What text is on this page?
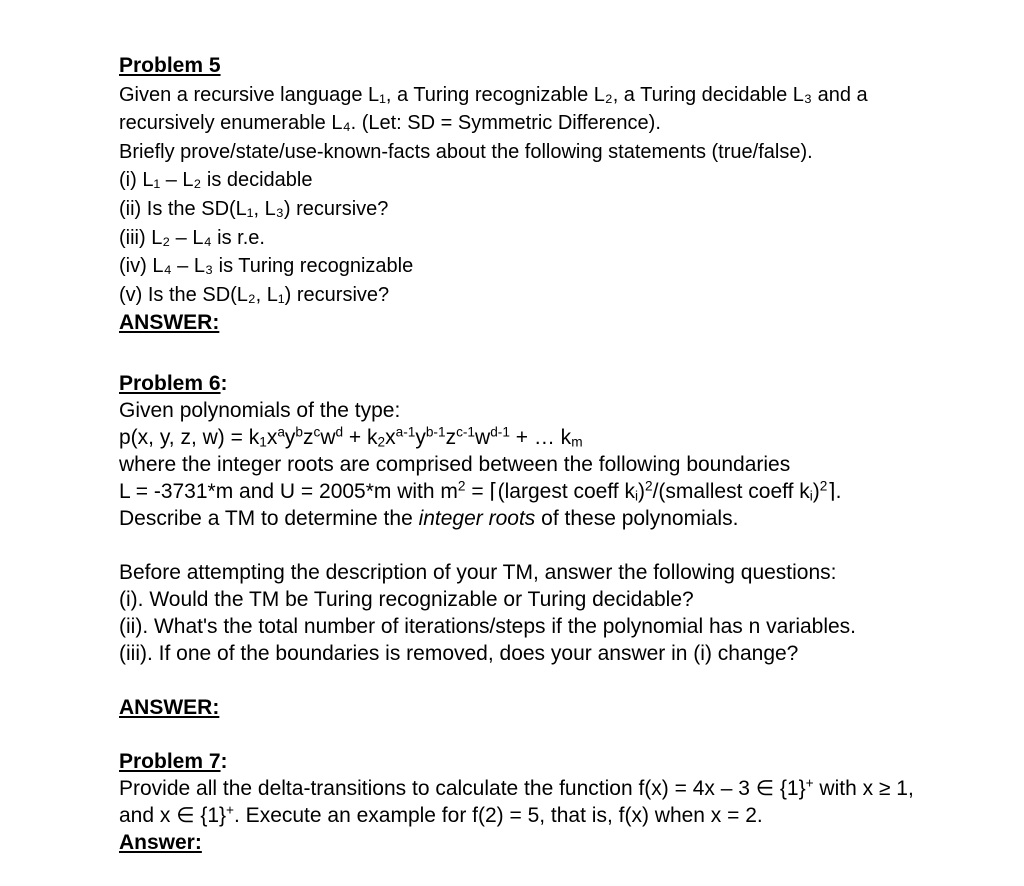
Problem 5
Given a recursive language L₁, a Turing recognizable L₂, a Turing decidable L₃ and a
recursively enumerable L₄. (Let: SD = Symmetric Difference).
Briefly prove/state/use-known-facts about the following statements (true/false).
(i) L₁ – L₂ is decidable
(ii) Is the SD(L₁, L₃) recursive?
(iii) L₂ – L₄ is r.e.
(iv) L₄ – L₃ is Turing recognizable
(v) Is the SD(L₂, L₁) recursive?
ANSWER:
Problem 6:
Given polynomials of the type:
p(x, y, z, $w) = k_1x^ay^bz^cw^d + k_2x^{a-1}y^{b-1}z^{c-1}w^{d-1}$ + … $k_m$
where the integer roots are comprised between the following boundaries
L = -3731*m and U = 2005*m with $m^2$ = ⌈(largest coeff $k_i)^2/(smallest$ coeff $k_i)^2⌉$.
Describe a TM to determine the integer roots of these polynomials.
Before attempting the description of your TM, answer the following questions:
(i). Would the TM be Turing recognizable or Turing decidable?
(ii). What's the total number of iterations/steps if the polynomial has n variables.
(iii). If one of the boundaries is removed, does your answer in (i) change?
ANSWER:
Problem 7:
Provide all the delta-transitions to calculate the function f(x) = 4x – 3 ∈ {1}+ with x ≥ 1,
and x ∈ {1}+. Execute an example for f(2) = 5, that is, f(x) when x = 2.
Answer:
